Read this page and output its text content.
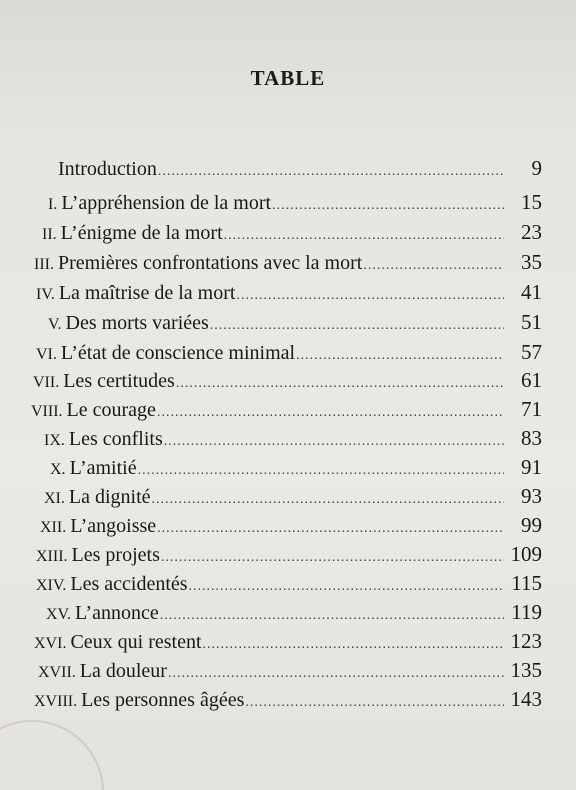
TABLE
Introduction .....	9
I. L’appréhension de la mort .....	15
II. L’énigme de la mort .....	23
III. Premières confrontations avec la mort .....	35
IV. La maîtrise de la mort .....	41
V. Des morts variées .....	51
VI. L’état de conscience minimal .....	57
VII. Les certitudes .....	61
VIII. Le courage .....	71
IX. Les conflits .....	83
X. L’amitié .....	91
XI. La dignité .....	93
XII. L’angoisse .....	99
XIII. Les projets .....	109
XIV. Les accidentés .....	115
XV. L’annonce .....	119
XVI. Ceux qui restent .....	123
XVII. La douleur .....	135
XVIII. Les personnes âgées .....	143
